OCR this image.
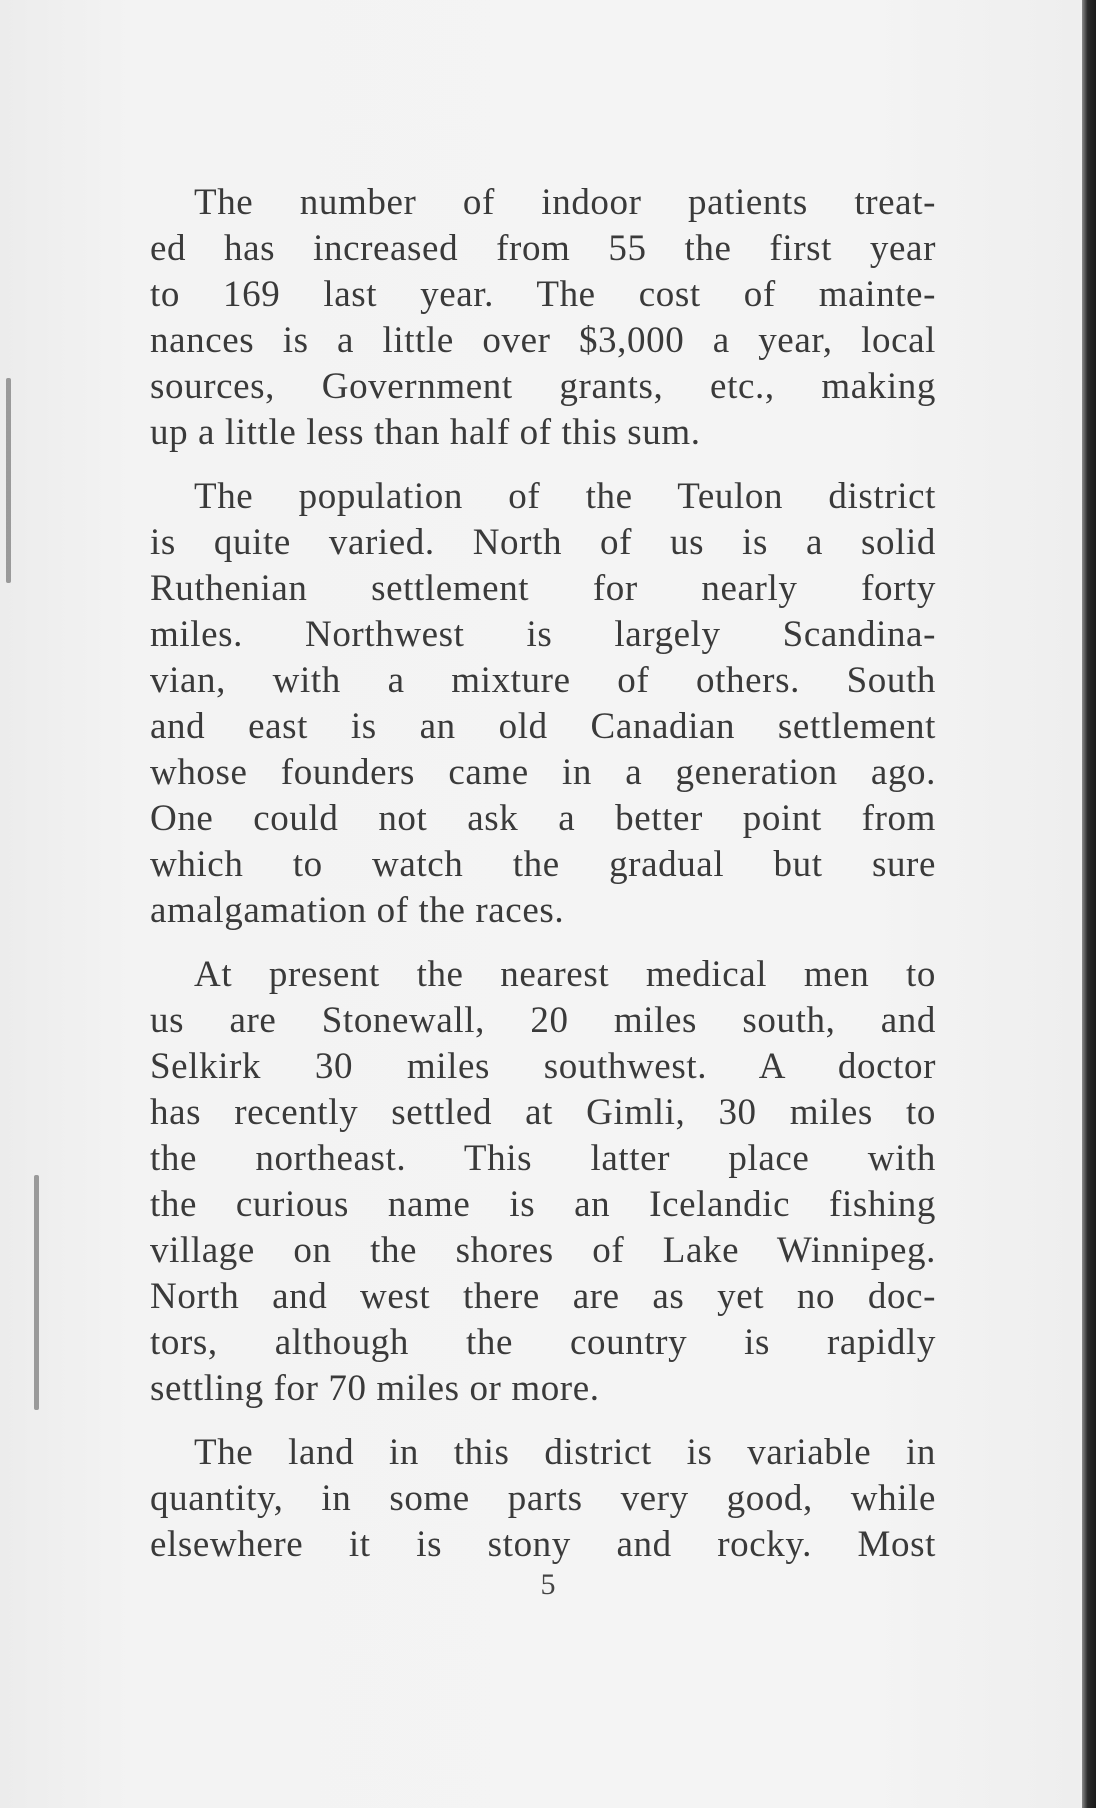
The number of indoor patients treat-
ed has increased from 55 the first year
to 169 last year. The cost of mainte-
nances is a little over $3,000 a year, local
sources, Government grants, etc., making
up a little less than half of this sum.
The population of the Teulon district
is quite varied. North of us is a solid
Ruthenian settlement for nearly forty
miles. Northwest is largely Scandina-
vian, with a mixture of others. South
and east is an old Canadian settlement
whose founders came in a generation ago.
One could not ask a better point from
which to watch the gradual but sure
amalgamation of the races.
At present the nearest medical men to
us are Stonewall, 20 miles south, and
Selkirk 30 miles southwest. A doctor
has recently settled at Gimli, 30 miles to
the northeast. This latter place with
the curious name is an Icelandic fishing
village on the shores of Lake Winnipeg.
North and west there are as yet no doc-
tors, although the country is rapidly
settling for 70 miles or more.
The land in this district is variable in
quantity, in some parts very good, while
elsewhere it is stony and rocky. Most
5
